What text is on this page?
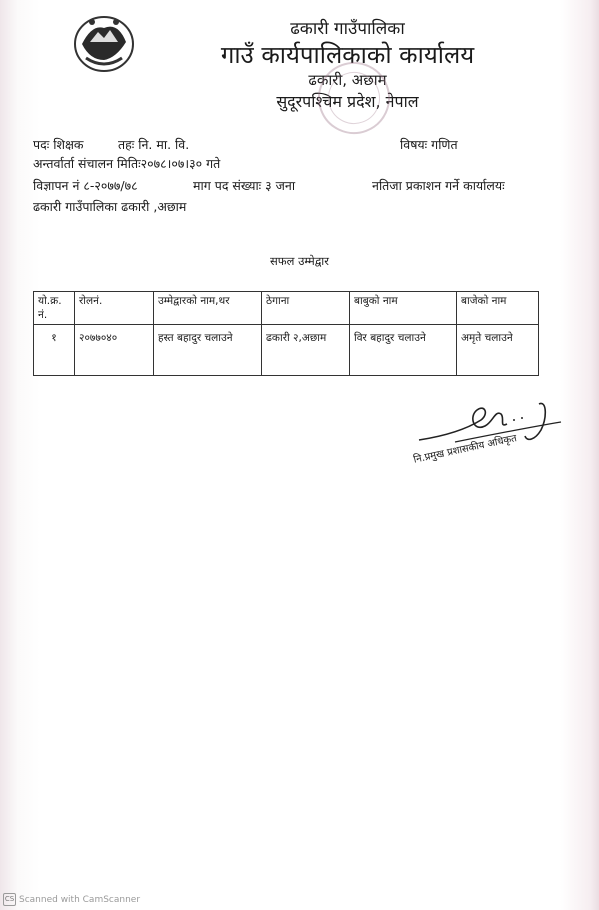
ढकारी गाउँपालिका
गाउँ कार्यपालिकाको कार्यालय
ढकारी, अछाम
सुदूरपश्चिम प्रदेश, नेपाल
पदः शिक्षक	तहः नि. मा. वि.	विषयः गणित
अन्तर्वार्ता संचालन मितिः२०७८।०७।३० गते
विज्ञापन नं ८-२०७७/७८	माग पद संख्याः ३ जना	नतिजा प्रकाशन गर्ने कार्यालयः
ढकारी गाउँपालिका ढकारी ,अछाम
सफल उम्मेद्वार
यो.क्र. नं.	रोलनं.	उम्मेद्वारको नाम,थर	ठेगाना	बाबुको नाम	बाजेको नाम
१	२०७७०४०	हस्त बहादुर चलाउने	ढकारी २,अछाम	विर बहादुर चलाउने	अमृते चलाउने
नि.प्रमुख प्रशासकीय अधिकृत
CS Scanned with CamScanner
